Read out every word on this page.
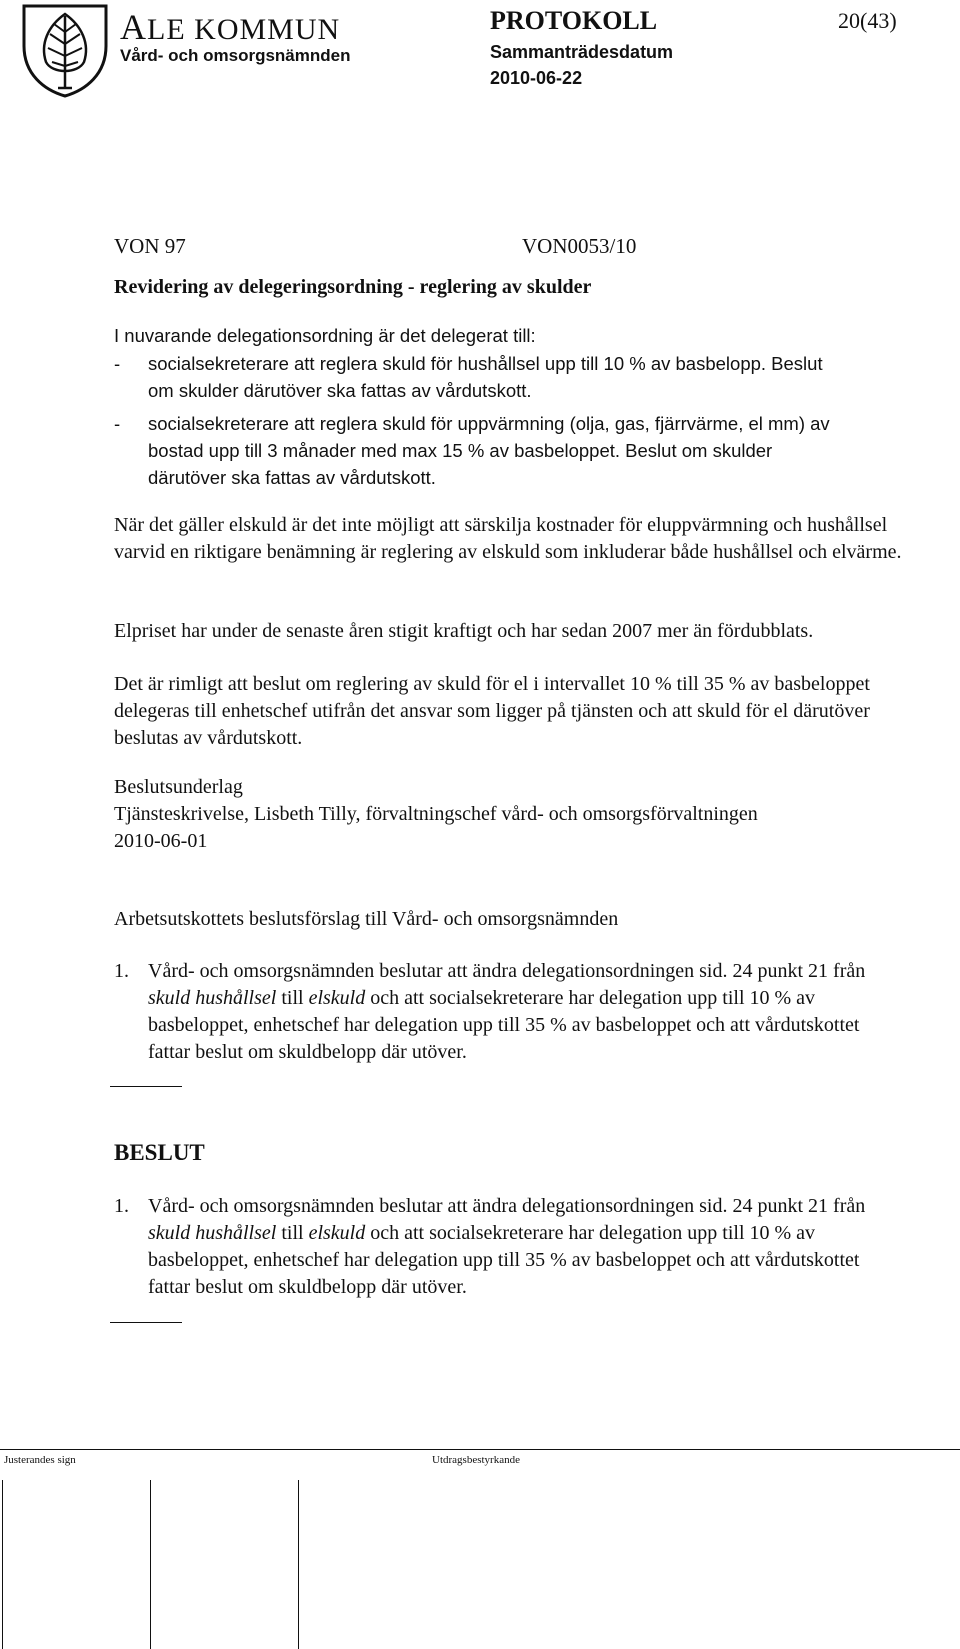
ALE KOMMUN
Vård- och omsorgsnämnden
PROTOKOLL	20(43)
Sammanträdesdatum
2010-06-22
VON 97	VON0053/10
Revidering av delegeringsordning - reglering av skulder
I nuvarande delegationsordning är det delegerat till:
- socialsekreterare att reglera skuld för hushållsel upp till 10 % av basbelopp. Beslut
om skulder därutöver ska fattas av vårdutskott.
- socialsekreterare att reglera skuld för uppvärmning (olja, gas, fjärrvärme, el mm) av
bostad upp till 3 månader med max 15 % av basbeloppet. Beslut om skulder
därutöver ska fattas av vårdutskott.
När det gäller elskuld är det inte möjligt att särskilja kostnader för eluppvärmning och hushållsel varvid en riktigare benämning är reglering av elskuld som inkluderar både hushållsel och elvärme.
Elpriset har under de senaste åren stigit kraftigt och har sedan 2007 mer än fördubblats.
Det är rimligt att beslut om reglering av skuld för el i intervallet 10 % till 35 % av basbeloppet delegeras till enhetschef utifrån det ansvar som ligger på tjänsten och att skuld för el därutöver beslutas av vårdutskott.
Beslutsunderlag
Tjänsteskrivelse, Lisbeth Tilly, förvaltningschef vård- och omsorgsförvaltningen
2010-06-01
Arbetsutskottets beslutsförslag till Vård- och omsorgsnämnden
1. Vård- och omsorgsnämnden beslutar att ändra delegationsordningen sid. 24 punkt 21 från skuld hushållsel till elskuld och att socialsekreterare har delegation upp till 10 % av basbeloppet, enhetschef har delegation upp till 35 % av basbeloppet och att vårdutskottet fattar beslut om skuldbelopp där utöver.
BESLUT
1. Vård- och omsorgsnämnden beslutar att ändra delegationsordningen sid. 24 punkt 21 från skuld hushållsel till elskuld och att socialsekreterare har delegation upp till 10 % av basbeloppet, enhetschef har delegation upp till 35 % av basbeloppet och att vårdutskottet fattar beslut om skuldbelopp där utöver.
Justerandes sign	Utdragsbestyrkande
